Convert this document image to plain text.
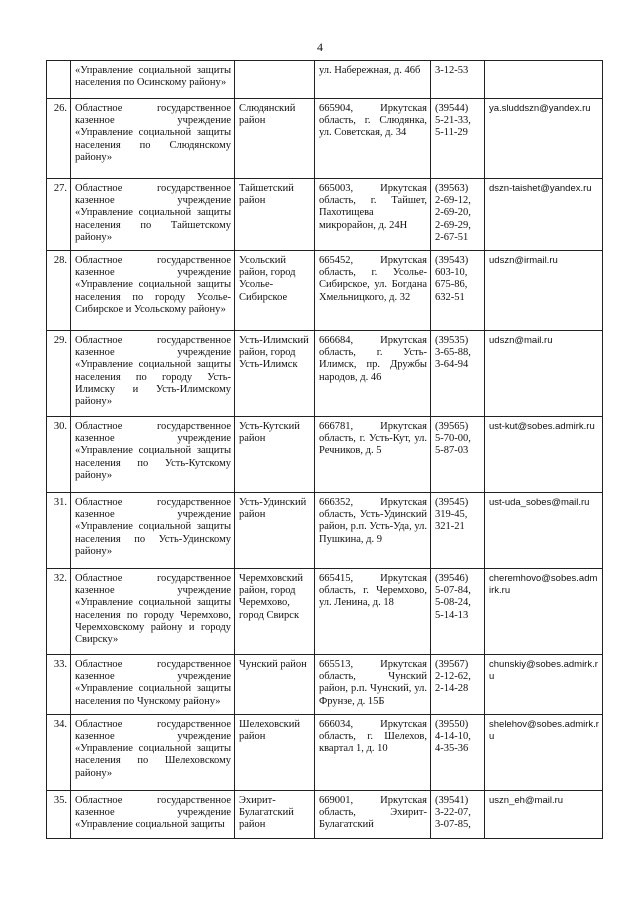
4
	«Управление социальной защиты населения по Осинскому району»		ул. Набережная, д. 46б	3-12-53	

26.	Областное государственное казенное учреждение «Управление социальной защиты населения по Слюдянскому району»	Слюдянский район	665904, Иркутская область, г. Слюдянка, ул. Советская, д. 34	(39544)
5-21-33,
5-11-29	ya.sluddszn@yandex.ru
27.	Областное государственное казенное учреждение «Управление социальной защиты населения по Тайшетскому району»	Тайшетский район	665003, Иркутская область, г. Тайшет, Пахотищева микрорайон, д. 24Н	(39563)
2-69-12,
2-69-20,
2-69-29,
2-67-51	dszn-taishet@yandex.ru
28.	Областное государственное казенное учреждение «Управление социальной защиты населения по городу Усолье-Сибирское и Усольскому району»	Усольский район, город Усолье-Сибирское	665452, Иркутская область, г. Усолье-Сибирское, ул. Богдана Хмельницкого, д. 32	(39543)
603-10,
675-86,
632-51	udszn@irmail.ru
29.	Областное государственное казенное учреждение «Управление социальной защиты населения по городу Усть-Илимску и Усть-Илимскому району»	Усть-Илимский район, город Усть-Илимск	666684, Иркутская область, г. Усть-Илимск, пр. Дружбы народов, д. 46	(39535)
3-65-88,
3-64-94	udszn@mail.ru
30.	Областное государственное казенное учреждение «Управление социальной защиты населения по Усть-Кутскому району»	Усть-Кутский район	666781, Иркутская область, г. Усть-Кут, ул. Речников, д. 5	(39565)
5-70-00,
5-87-03	ust-kut@sobes.admirk.ru
31.	Областное государственное казенное учреждение «Управление социальной защиты населения по Усть-Удинскому району»	Усть-Удинский район	666352, Иркутская область, Усть-Удинский район, р.п. Усть-Уда, ул. Пушкина, д. 9	(39545)
319-45,
321-21	ust-uda_sobes@mail.ru
32.	Областное государственное казенное учреждение «Управление социальной защиты населения по городу Черемхово, Черемховскому району и городу Свирску»	Черемховский район, город Черемхово, город Свирск	665415, Иркутская область, г. Черемхово, ул. Ленина, д. 18	(39546)
5-07-84,
5-08-24,
5-14-13	cheremhovo@sobes.admirk.ru
33.	Областное государственное казенное учреждение «Управление социальной защиты населения по Чунскому району»	Чунский район	665513, Иркутская область, Чунский район, р.п. Чунский, ул. Фрунзе, д. 15Б	(39567)
2-12-62,
2-14-28	chunskiy@sobes.admirk.ru
34.	Областное государственное казенное учреждение «Управление социальной защиты населения по Шелеховскому району»	Шелеховский район	666034, Иркутская область, г. Шелехов, квартал 1, д. 10	(39550)
4-14-10,
4-35-36	shelehov@sobes.admirk.ru
35.	Областное государственное казенное учреждение «Управление социальной защиты	Эхирит-Булагатский район	669001, Иркутская область, Эхирит-Булагатский	(39541)
3-22-07,
3-07-85,	uszn_eh@mail.ru
